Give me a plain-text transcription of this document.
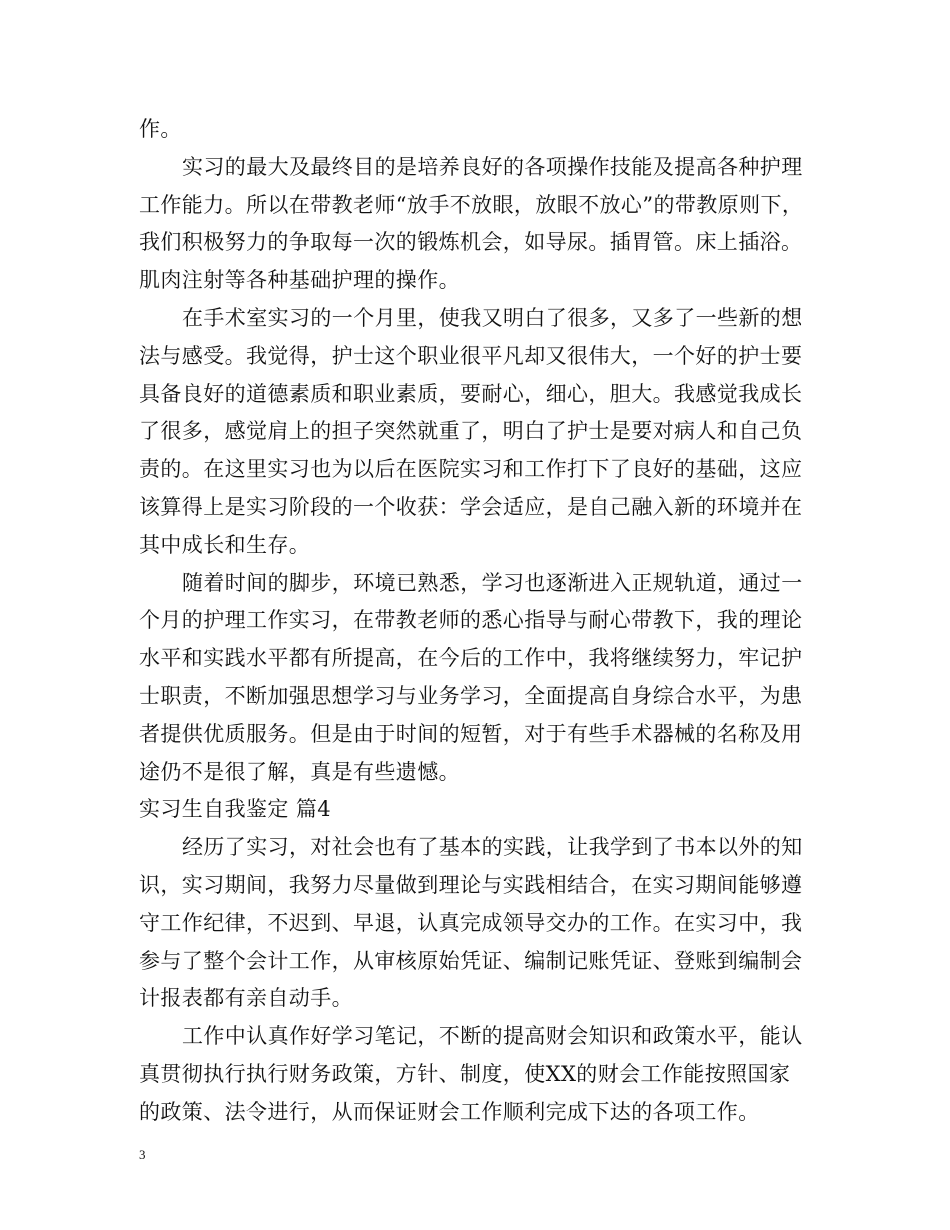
作。
实习的最大及最终目的是培养良好的各项操作技能及提高各种护理
工作能力。所以在带教老师“放手不放眼，放眼不放心”的带教原则下，
我们积极努力的争取每一次的锻炼机会，如导尿。插胃管。床上插浴。
肌肉注射等各种基础护理的操作。
在手术室实习的一个月里，使我又明白了很多，又多了一些新的想
法与感受。我觉得，护士这个职业很平凡却又很伟大，一个好的护士要
具备良好的道德素质和职业素质，要耐心，细心，胆大。我感觉我成长
了很多，感觉肩上的担子突然就重了，明白了护士是要对病人和自己负
责的。在这里实习也为以后在医院实习和工作打下了良好的基础，这应
该算得上是实习阶段的一个收获：学会适应，是自己融入新的环境并在
其中成长和生存。
随着时间的脚步，环境已熟悉，学习也逐渐进入正规轨道，通过一
个月的护理工作实习，在带教老师的悉心指导与耐心带教下，我的理论
水平和实践水平都有所提高，在今后的工作中，我将继续努力，牢记护
士职责，不断加强思想学习与业务学习，全面提高自身综合水平，为患
者提供优质服务。但是由于时间的短暂，对于有些手术器械的名称及用
途仍不是很了解，真是有些遗憾。
实习生自我鉴定 篇4
经历了实习，对社会也有了基本的实践，让我学到了书本以外的知
识，实习期间，我努力尽量做到理论与实践相结合，在实习期间能够遵
守工作纪律，不迟到、早退，认真完成领导交办的工作。在实习中，我
参与了整个会计工作，从审核原始凭证、编制记账凭证、登账到编制会
计报表都有亲自动手。
工作中认真作好学习笔记，不断的提高财会知识和政策水平，能认
真贯彻执行执行财务政策，方针、制度，使XX的财会工作能按照国家
的政策、法令进行，从而保证财会工作顺利完成下达的各项工作。
3
